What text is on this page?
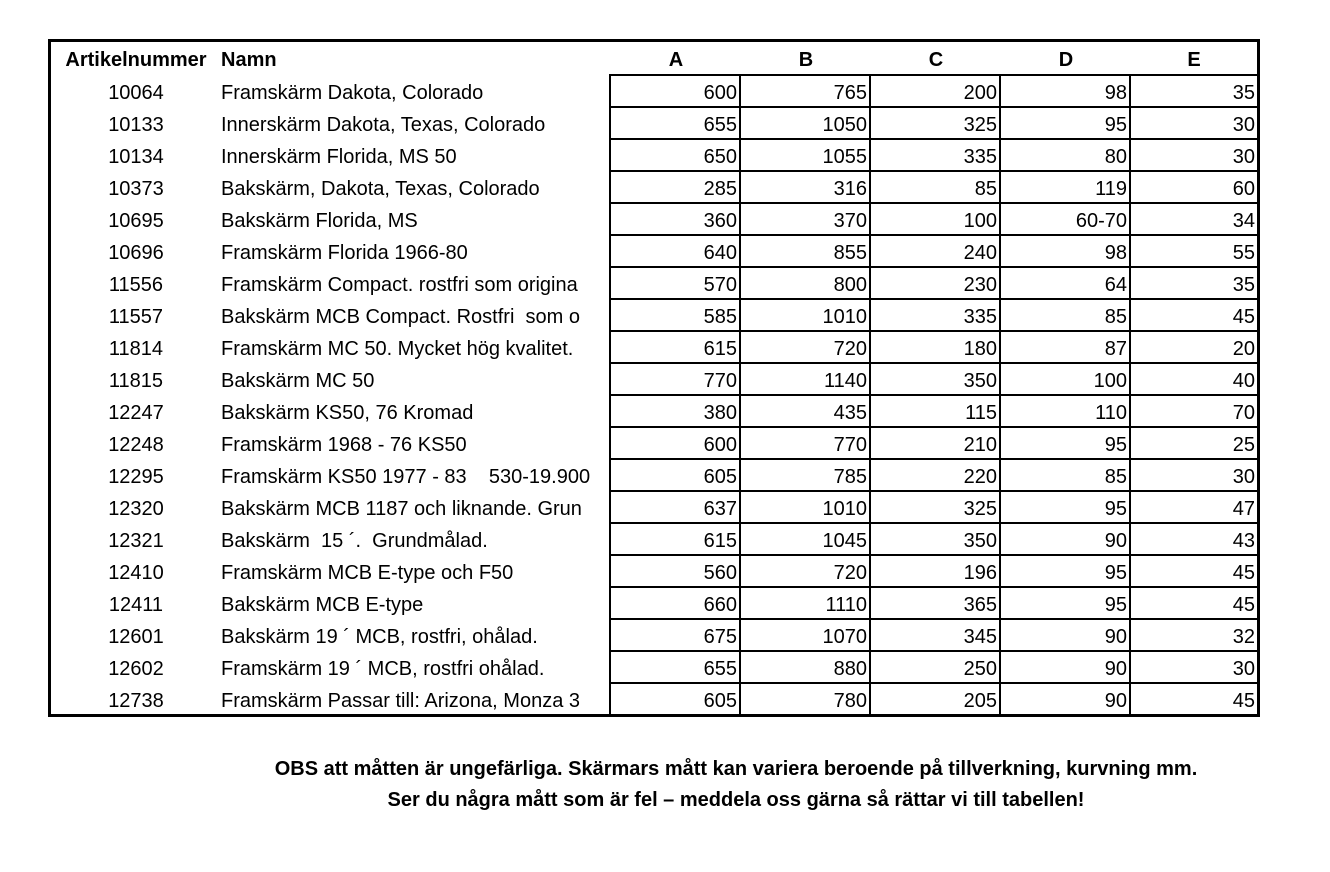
Artikelnummer Namn	A	B	C	D	E
10064	Framskärm Dakota, Colorado	600	765	200	98	35
10133	Innerskärm Dakota, Texas, Colorado	655	1050	325	95	30
10134	Innerskärm Florida, MS 50	650	1055	335	80	30
10373	Bakskärm, Dakota, Texas, Colorado	285	316	85	119	60
10695	Bakskärm Florida, MS	360	370	100	60-70	34
10696	Framskärm Florida 1966-80	640	855	240	98	55
11556	Framskärm Compact. rostfri som origina	570	800	230	64	35
11557	Bakskärm MCB Compact. Rostfri  som o	585	1010	335	85	45
11814	Framskärm MC 50. Mycket hög kvalitet.	615	720	180	87	20
11815	Bakskärm MC 50	770	1140	350	100	40
12247	Bakskärm KS50, 76 Kromad	380	435	115	110	70
12248	Framskärm 1968 - 76 KS50	600	770	210	95	25
12295	Framskärm KS50 1977 - 83    530-19.900	605	785	220	85	30
12320	Bakskärm MCB 1187 och liknande. Grun	637	1010	325	95	47
12321	Bakskärm  15 ´.  Grundmålad.	615	1045	350	90	43
12410	Framskärm MCB E-type och F50	560	720	196	95	45
12411	Bakskärm MCB E-type	660	1110	365	95	45
12601	Bakskärm 19 ´ MCB, rostfri, ohålad.	675	1070	345	90	32
12602	Framskärm 19 ´ MCB, rostfri ohålad.	655	880	250	90	30
12738	Framskärm Passar till: Arizona, Monza 3	605	780	205	90	45
OBS att måtten är ungefärliga. Skärmars mått kan variera beroende på tillverkning, kurvning mm.
Ser du några mått som är fel – meddela oss gärna så rättar vi till tabellen!
